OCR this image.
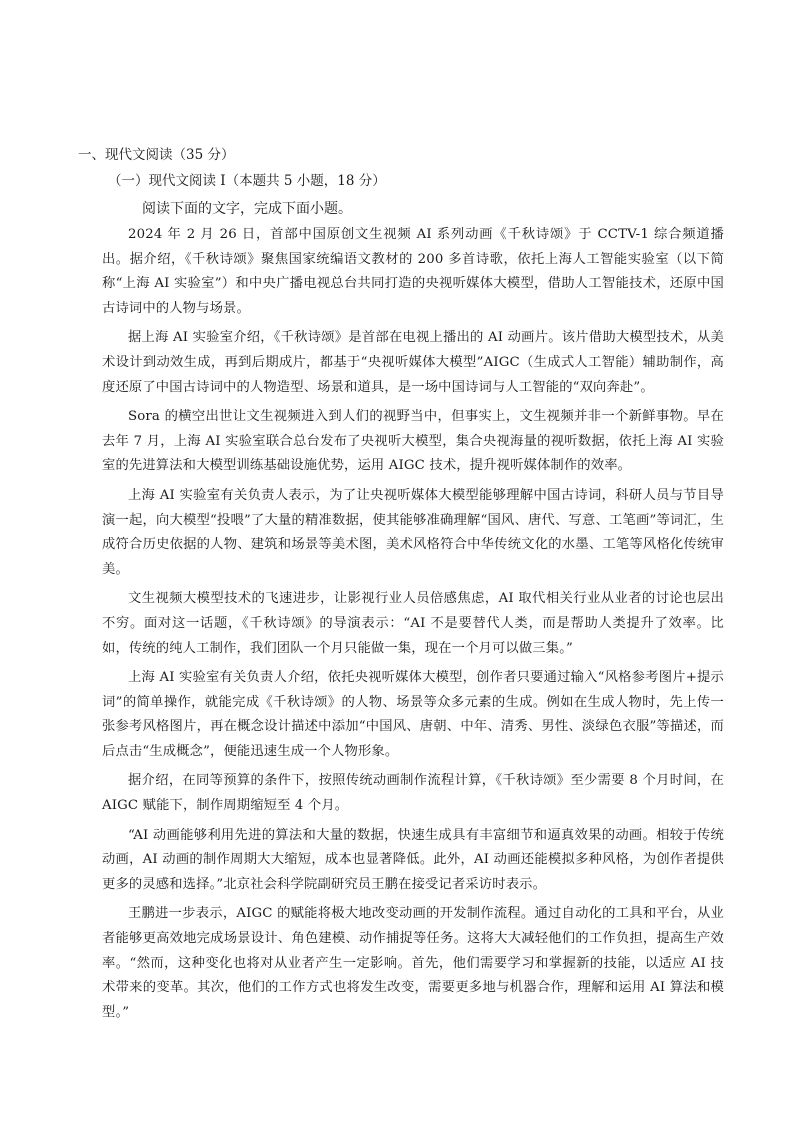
一、现代文阅读（35 分）
（一）现代文阅读 I（本题共 5 小题，18 分）
阅读下面的文字，完成下面小题。

2024 年 2 月 26 日，首部中国原创文生视频 AI 系列动画《千秋诗颂》于 CCTV-1 综合频道播出。据介绍，《千秋诗颂》聚焦国家统编语文教材的 200 多首诗歌，依托上海人工智能实验室（以下简称“上海 AI 实验室”）和中央广播电视总台共同打造的央视听媒体大模型，借助人工智能技术，还原中国古诗词中的人物与场景。

据上海 AI 实验室介绍，《千秋诗颂》是首部在电视上播出的 AI 动画片。该片借助大模型技术，从美术设计到动效生成，再到后期成片，都基于“央视听媒体大模型”AIGC（生成式人工智能）辅助制作，高度还原了中国古诗词中的人物造型、场景和道具，是一场中国诗词与人工智能的“双向奔赴”。

Sora 的横空出世让文生视频进入到人们的视野当中，但事实上，文生视频并非一个新鲜事物。早在去年 7 月，上海 AI 实验室联合总台发布了央视听大模型，集合央视海量的视听数据，依托上海 AI 实验室的先进算法和大模型训练基础设施优势，运用 AIGC 技术，提升视听媒体制作的效率。

上海 AI 实验室有关负责人表示，为了让央视听媒体大模型能够理解中国古诗词，科研人员与节目导演一起，向大模型“投喂”了大量的精准数据，使其能够准确理解“国风、唐代、写意、工笔画”等词汇，生成符合历史依据的人物、建筑和场景等美术图，美术风格符合中华传统文化的水墨、工笔等风格化传统审美。

文生视频大模型技术的飞速进步，让影视行业人员倍感焦虑，AI 取代相关行业从业者的讨论也层出不穷。面对这一话题，《千秋诗颂》的导演表示：“AI 不是要替代人类，而是帮助人类提升了效率。比如，传统的纯人工制作，我们团队一个月只能做一集，现在一个月可以做三集。”

上海 AI 实验室有关负责人介绍，依托央视听媒体大模型，创作者只要通过输入“风格参考图片+提示词”的简单操作，就能完成《千秋诗颂》的人物、场景等众多元素的生成。例如在生成人物时，先上传一张参考风格图片，再在概念设计描述中添加“中国风、唐朝、中年、清秀、男性、淡绿色衣服”等描述，而后点击“生成概念”，便能迅速生成一个人物形象。

据介绍，在同等预算的条件下，按照传统动画制作流程计算，《千秋诗颂》至少需要 8 个月时间，在 AIGC 赋能下，制作周期缩短至 4 个月。

“AI 动画能够利用先进的算法和大量的数据，快速生成具有丰富细节和逼真效果的动画。相较于传统动画，AI 动画的制作周期大大缩短，成本也显著降低。此外，AI 动画还能模拟多种风格，为创作者提供更多的灵感和选择。”北京社会科学院副研究员王鹏在接受记者采访时表示。

王鹏进一步表示，AIGC 的赋能将极大地改变动画的开发制作流程。通过自动化的工具和平台，从业者能够更高效地完成场景设计、角色建模、动作捕捉等任务。这将大大减轻他们的工作负担，提高生产效率。“然而，这种变化也将对从业者产生一定影响。首先，他们需要学习和掌握新的技能，以适应 AI 技术带来的变革。其次，他们的工作方式也将发生改变，需要更多地与机器合作，理解和运用 AI 算法和模型。”
